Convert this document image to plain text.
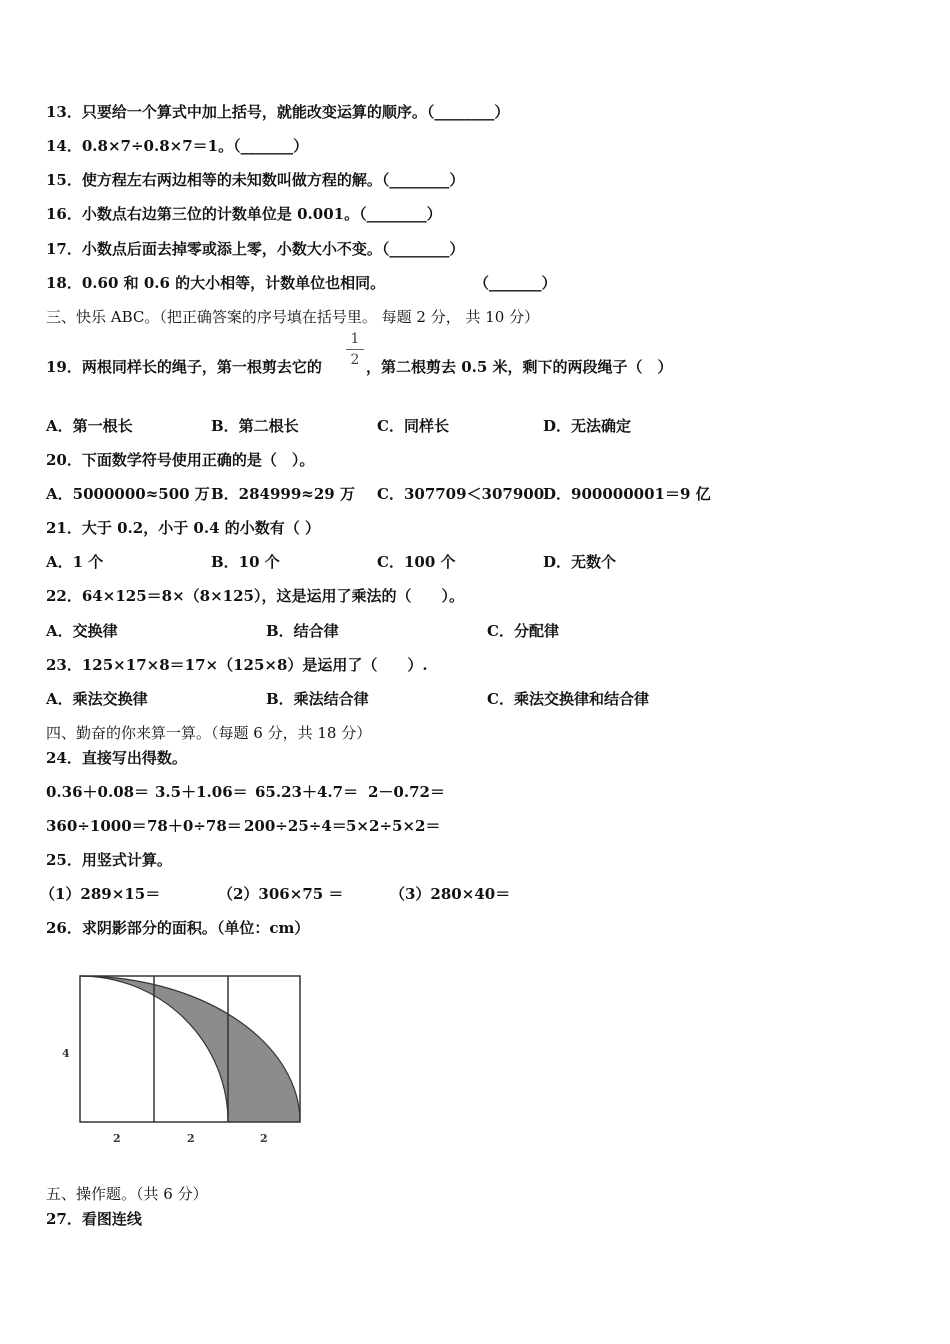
13．只要给一个算式中加上括号，就能改变运算的顺序。（________）
14．0.8×7÷0.8×7＝1。（_______）
15．使方程左右两边相等的未知数叫做方程的解。（________）
16．小数点右边第三位的计数单位是 0.001。（________）
17．小数点后面去掉零或添上零，小数大小不变。（________）
18．0.60 和 0.6 的大小相等，计数单位也相同。	（_______）
三、快乐 ABC。（把正确答案的序号填在括号里。 每题 2 分， 共 10 分）
19．两根同样长的绳子，第一根剪去它的
1
2 ，第二根剪去 0.5 米，剩下的两段绳子（　）
A．第一根长	B．第二根长	C．同样长	D．无法确定
20．下面数学符号使用正确的是（　）。
A．5000000≈500 万 B．284999≈29 万 C．307709＜307900
D．900000001＝9 亿
21．大于 0.2，小于 0.4 的小数有（ ）
A．1 个	B．10 个	C．100 个	D．无数个
22．64×125＝8×（8×125），这是运用了乘法的（　　）。
A．交换律	B．结合律	C．分配律
23．125×17×8＝17×（125×8）是运用了（　　）.
A．乘法交换律	B．乘法结合律	C．乘法交换律和结合律
四、勤奋的你来算一算。（每题 6 分，共 18 分）
24．直接写出得数。
0.36＋0.08＝ 3.5＋1.06＝ 65.23＋4.7＝ 2－0.72＝
360÷1000＝ 78＋0÷78＝ 200÷25÷4＝ 5×2÷5×2＝
25．用竖式计算。
（1）289×15＝	（2）306×75 ＝	（3）280×40＝
26．求阴影部分的面积。（单位：cm）
4
2	2	2
五、操作题。（共 6 分）
27．看图连线
